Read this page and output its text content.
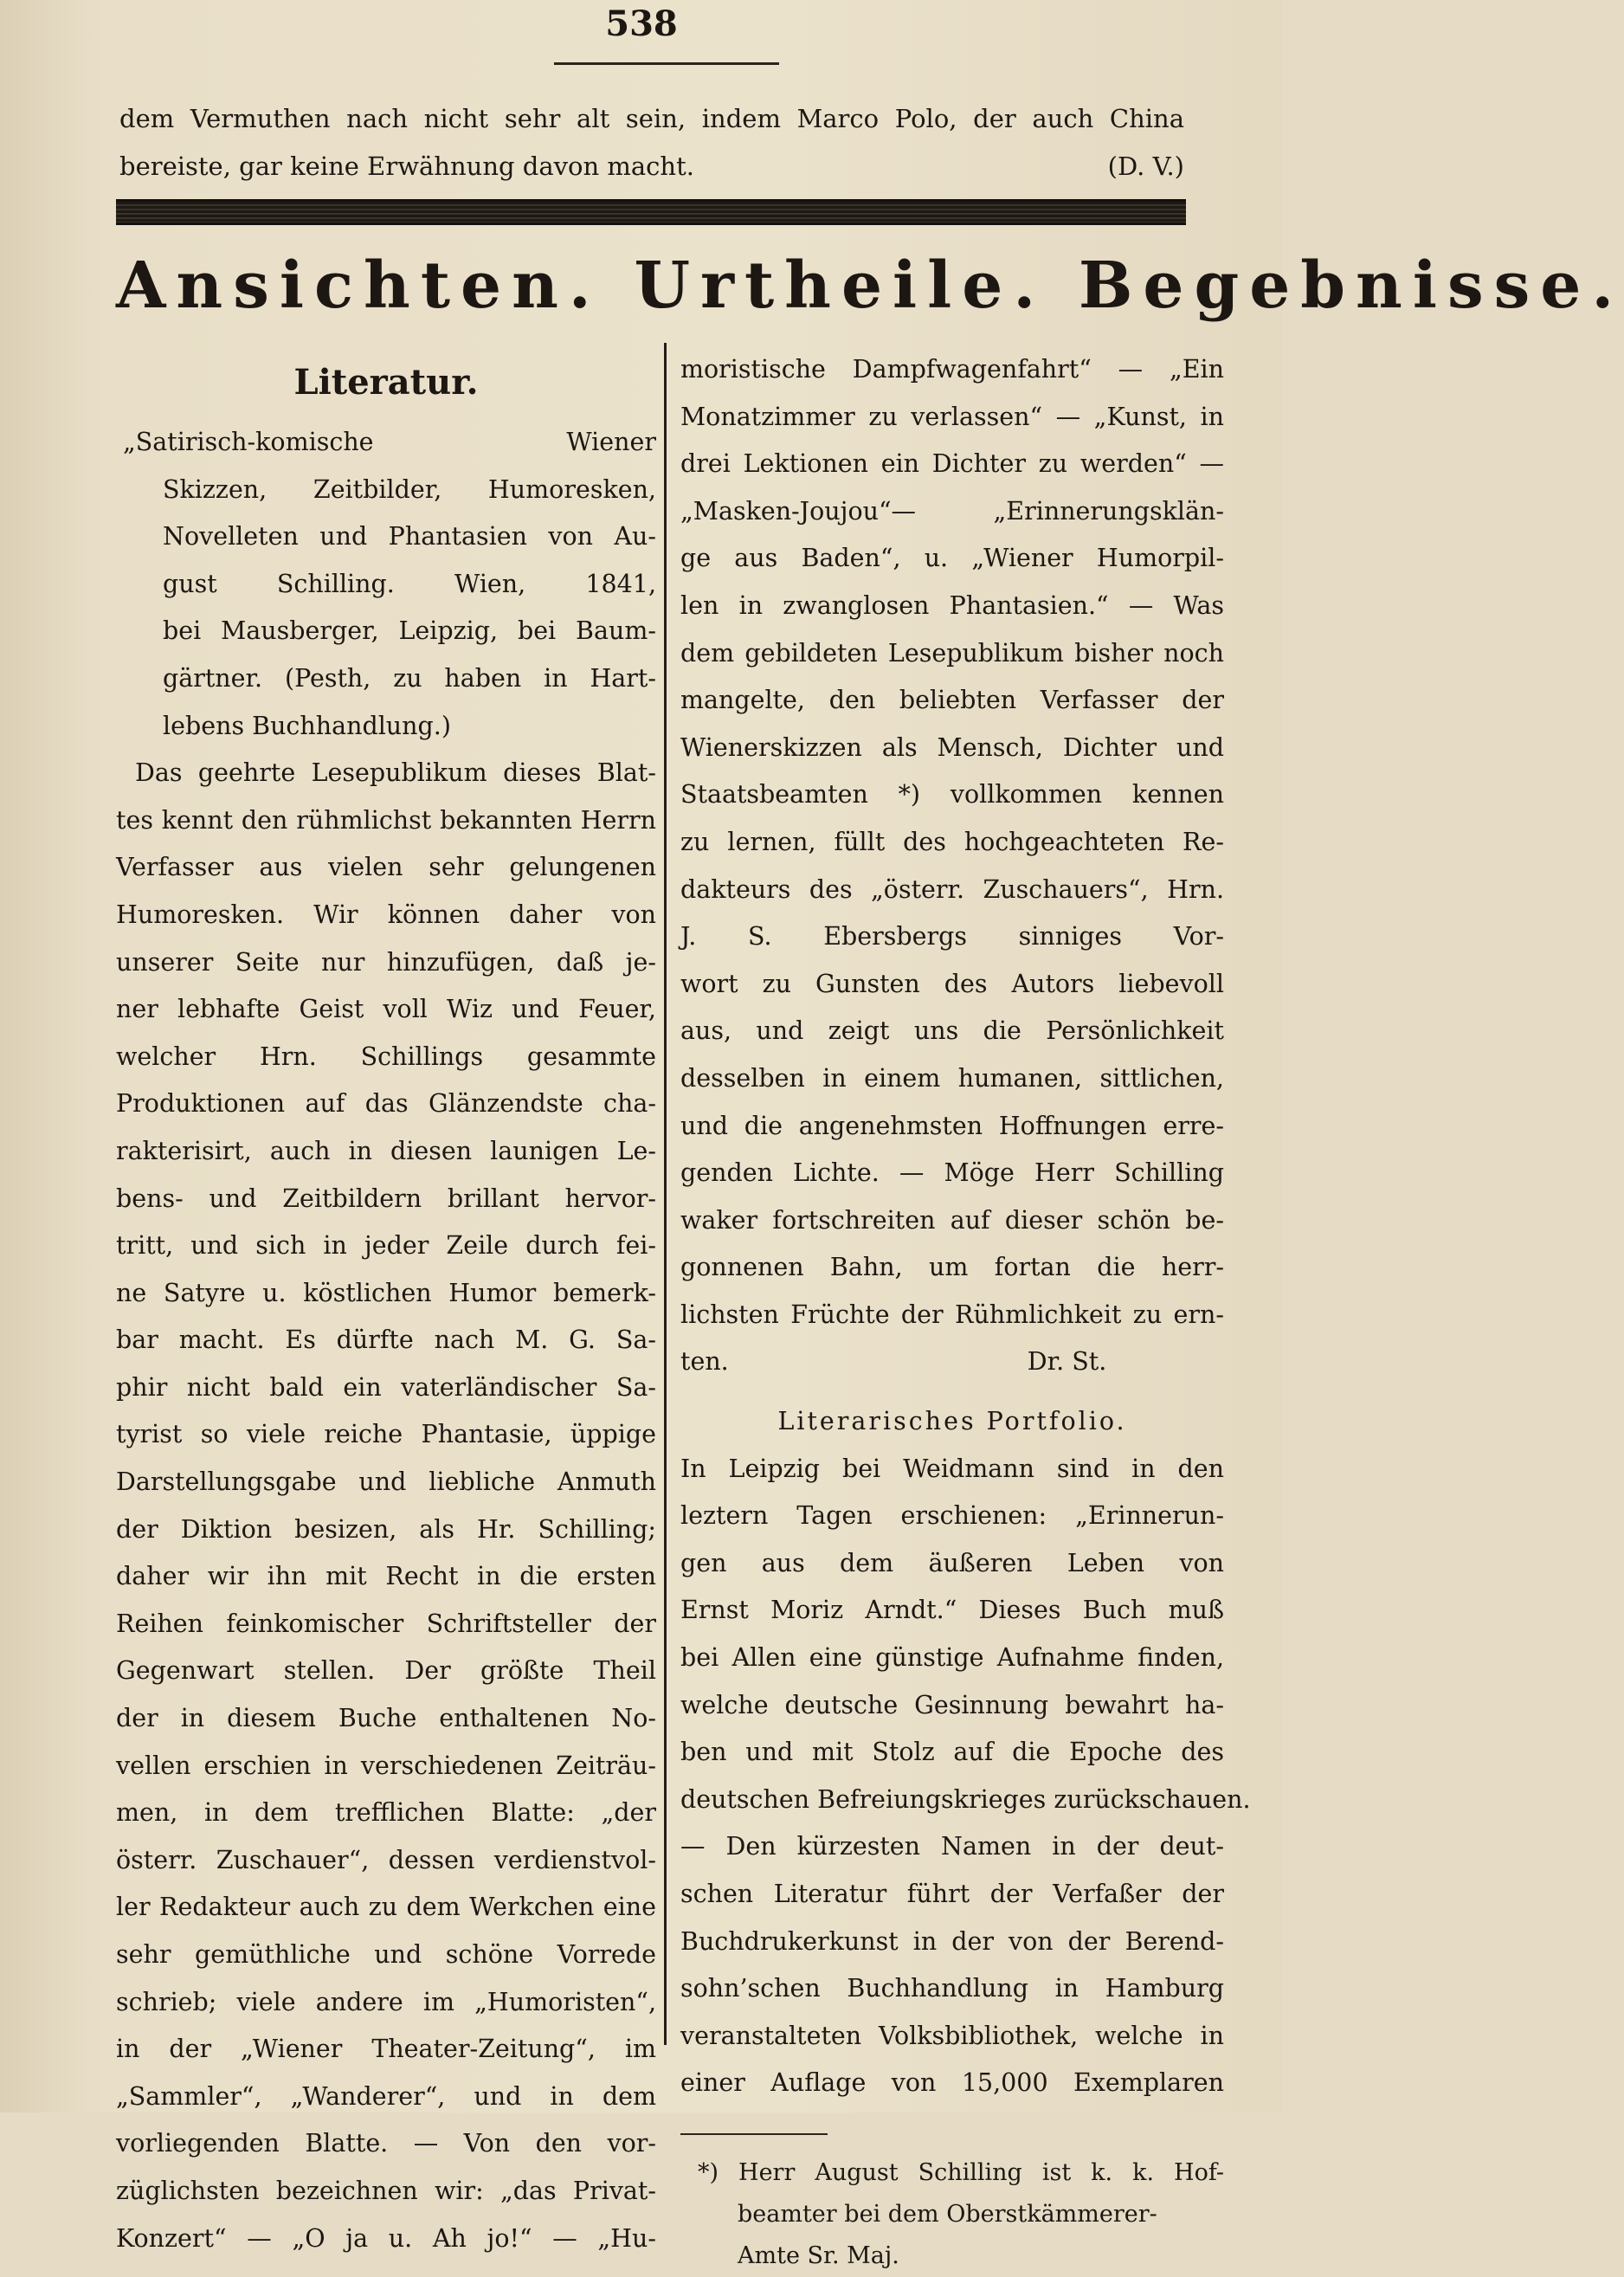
538
dem Vermuthen nach nicht sehr alt sein, indem Marco Polo, der auch China
bereiste, gar keine Erwähnung davon macht.	(D. V.)
Ansichten. Urtheile. Begebnisse.
Literatur.
„Satirisch-komische Wiener
Skizzen, Zeitbilder, Humoresken,
Novelleten und Phantasien von Au-
gust Schilling. Wien, 1841,
bei Mausberger, Leipzig, bei Baum-
gärtner. (Pesth, zu haben in Hart-
lebens Buchhandlung.)
Das geehrte Lesepublikum dieses Blat-
tes kennt den rühmlichst bekannten Herrn
Verfasser aus vielen sehr gelungenen
Humoresken. Wir können daher von
unserer Seite nur hinzufügen, daß je-
ner lebhafte Geist voll Wiz und Feuer,
welcher Hrn. Schillings gesammte
Produktionen auf das Glänzendste cha-
rakterisirt, auch in diesen launigen Le-
bens- und Zeitbildern brillant hervor-
tritt, und sich in jeder Zeile durch fei-
ne Satyre u. köstlichen Humor bemerk-
bar macht. Es dürfte nach M. G. Sa-
phir nicht bald ein vaterländischer Sa-
tyrist so viele reiche Phantasie, üppige
Darstellungsgabe und liebliche Anmuth
der Diktion besizen, als Hr. Schilling;
daher wir ihn mit Recht in die ersten
Reihen feinkomischer Schriftsteller der
Gegenwart stellen. Der größte Theil
der in diesem Buche enthaltenen No-
vellen erschien in verschiedenen Zeiträu-
men, in dem trefflichen Blatte: „der
österr. Zuschauer“, dessen verdienstvol-
ler Redakteur auch zu dem Werkchen eine
sehr gemüthliche und schöne Vorrede
schrieb; viele andere im „Humoristen“,
in der „Wiener Theater-Zeitung“, im
„Sammler“, „Wanderer“, und in dem
vorliegenden Blatte. — Von den vor-
züglichsten bezeichnen wir: „das Privat-
Konzert“ — „O ja u. Ah jo!“ — „Hu-
moristische Dampfwagenfahrt“ — „Ein
Monatzimmer zu verlassen“ — „Kunst, in
drei Lektionen ein Dichter zu werden“ —
„Masken-Joujou“— „Erinnerungsklän-
ge aus Baden“, u. „Wiener Humorpil-
len in zwanglosen Phantasien.“ — Was
dem gebildeten Lesepublikum bisher noch
mangelte, den beliebten Verfasser der
Wienerskizzen als Mensch, Dichter und
Staatsbeamten *) vollkommen kennen
zu lernen, füllt des hochgeachteten Re-
dakteurs des „österr. Zuschauers“, Hrn.
J. S. Ebersbergs sinniges Vor-
wort zu Gunsten des Autors liebevoll
aus, und zeigt uns die Persönlichkeit
desselben in einem humanen, sittlichen,
und die angenehmsten Hoffnungen erre-
genden Lichte. — Möge Herr Schilling
waker fortschreiten auf dieser schön be-
gonnenen Bahn, um fortan die herr-
lichsten Früchte der Rühmlichkeit zu ern-
ten.	Dr. St.
Literarisches Portfolio.
In Leipzig bei Weidmann sind in den
leztern Tagen erschienen: „Erinnerun-
gen aus dem äußeren Leben von
Ernst Moriz Arndt.“ Dieses Buch muß
bei Allen eine günstige Aufnahme finden,
welche deutsche Gesinnung bewahrt ha-
ben und mit Stolz auf die Epoche des
deutschen Befreiungskrieges zurückschauen.
— Den kürzesten Namen in der deut-
schen Literatur führt der Verfaßer der
Buchdrukerkunst in der von der Berend-
sohn’schen Buchhandlung in Hamburg
veranstalteten Volksbibliothek, welche in
einer Auflage von 15,000 Exemplaren
*) Herr August Schilling ist k. k. Hof-
beamter bei dem Oberstkämmerer-
Amte Sr. Maj.
